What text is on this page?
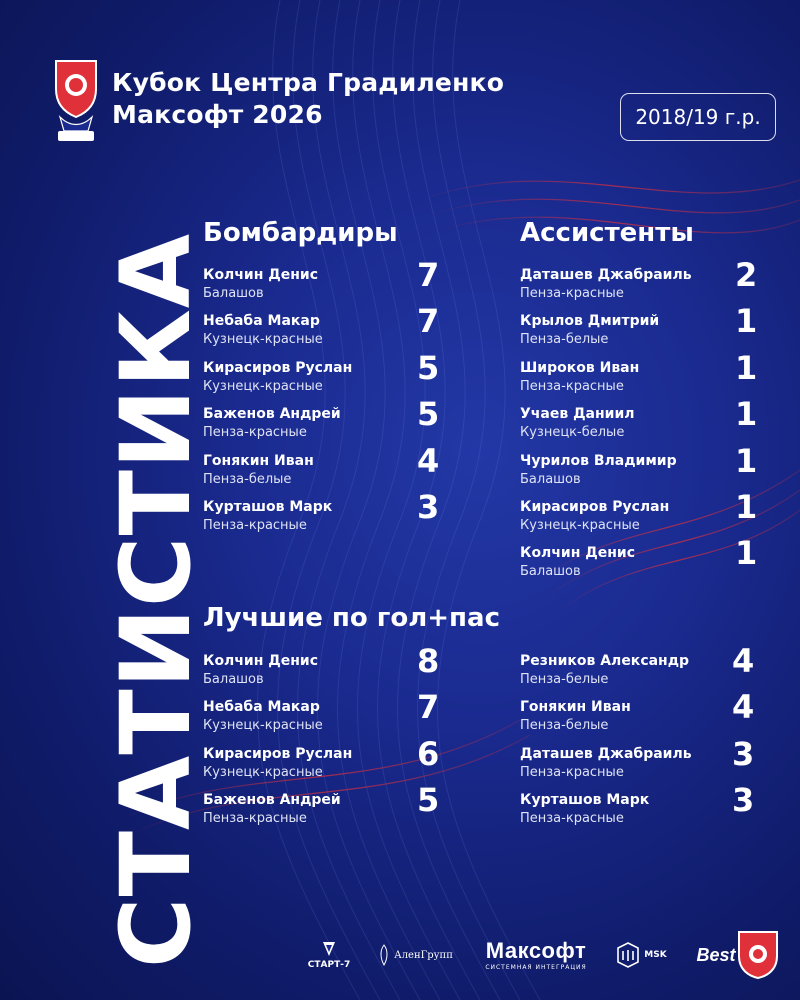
Кубок Центра Градиленко
Максофт 2026	2018/19 г.р.
СТАТИСТИКА
Бомбардиры	Ассистенты
Лучшие по гол+пас
Колчин Денис
Балашов	7
Небаба Макар
Кузнецк-красные	7
Кирасиров Руслан
Кузнецк-красные	5
Баженов Андрей
Пенза-красные	5
Гонякин Иван
Пенза-белые	4
Курташов Марк
Пенза-красные	3
Даташев Джабраиль
Пенза-красные	2
Крылов Дмитрий
Пенза-белые	1
Широков Иван
Пенза-красные	1
Учаев Даниил
Кузнецк-белые	1
Чурилов Владимир
Балашов	1
Кирасиров Руслан
Кузнецк-красные	1
Колчин Денис
Балашов	1
Колчин Денис
Балашов	8
Небаба Макар
Кузнецк-красные	7
Кирасиров Руслан
Кузнецк-красные	6
Баженов Андрей
Пенза-красные	5
Резников Александр
Пенза-белые	4
Гонякин Иван
Пенза-белые	4
Даташев Джабраиль
Пенза-красные	3
Курташов Марк
Пенза-красные	3
СТАРТ-7
АленГрупп Максофт
СИСТЕМНАЯ ИНТЕГРАЦИЯ
MSK Best
